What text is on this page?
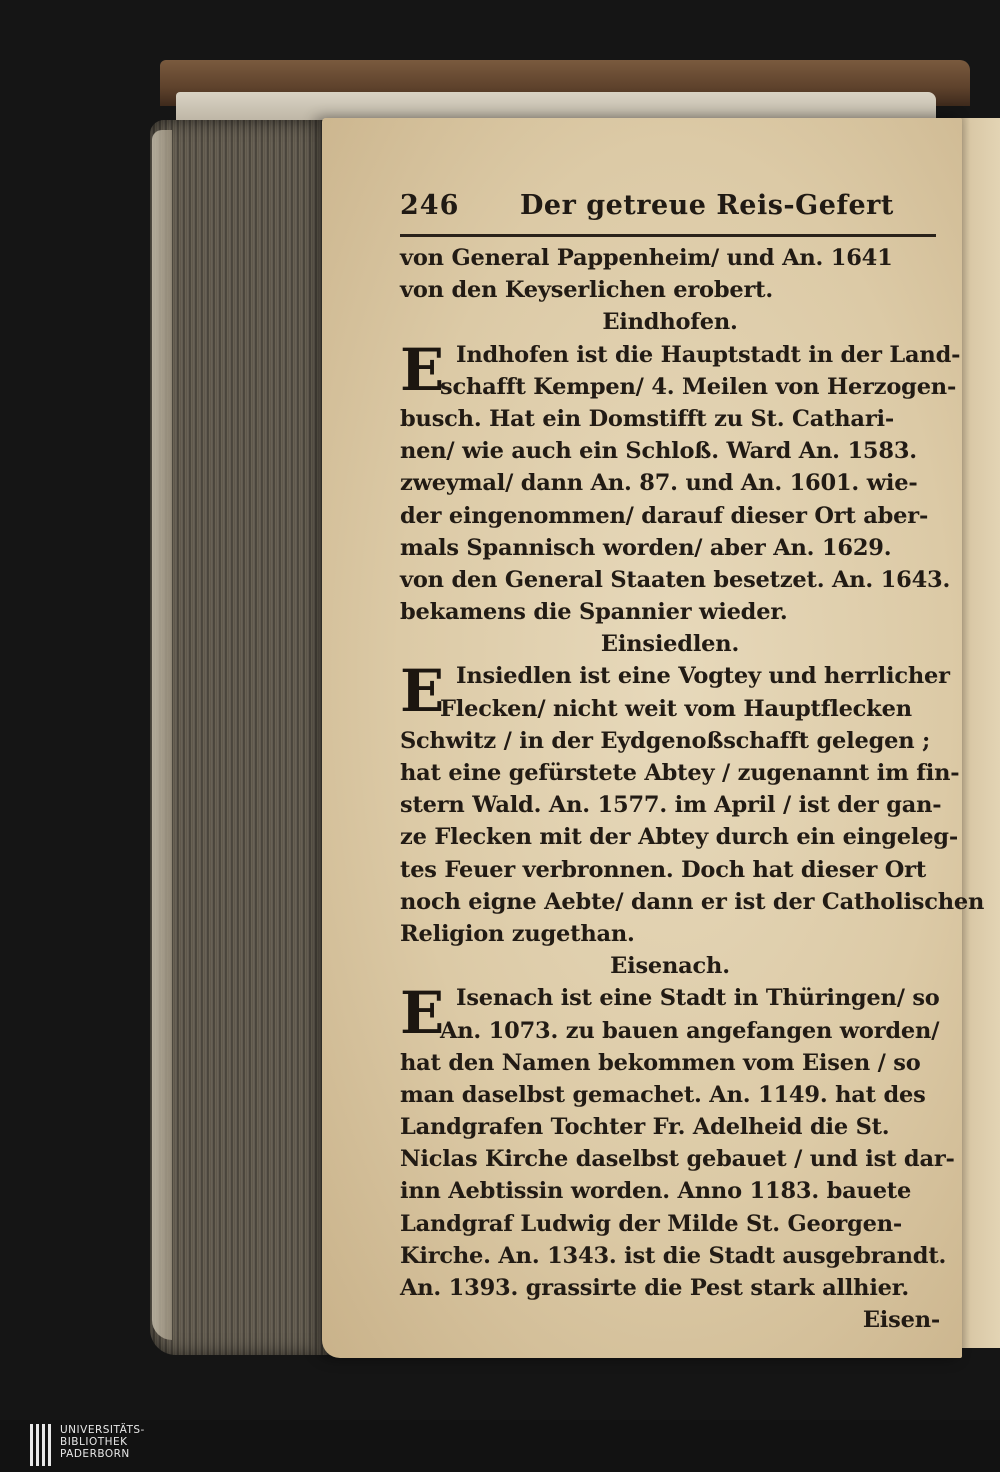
246 Der getreue Reis-Gefert
von General Pappenheim/ und An. 1641
von den Keyserlichen erobert.
Eindhofen.
E Indhofen ist die Hauptstadt in der Land-
schafft Kempen/ 4. Meilen von Herzogen-
busch. Hat ein Domstifft zu St. Cathari-
nen/ wie auch ein Schloß. Ward An. 1583.
zweymal/ dann An. 87. und An. 1601. wie-
der eingenommen/ darauf dieser Ort aber-
mals Spannisch worden/ aber An. 1629.
von den General Staaten besetzet. An. 1643.
bekamens die Spannier wieder.
Einsiedlen.
E Insiedlen ist eine Vogtey und herrlicher
Flecken/ nicht weit vom Hauptflecken
Schwitz / in der Eydgenoßschafft gelegen ;
hat eine gefürstete Abtey / zugenannt im fin-
stern Wald. An. 1577. im April / ist der gan-
ze Flecken mit der Abtey durch ein eingeleg-
tes Feuer verbronnen. Doch hat dieser Ort
noch eigne Aebte/ dann er ist der Catholischen
Religion zugethan.
Eisenach.
E Isenach ist eine Stadt in Thüringen/ so
An. 1073. zu bauen angefangen worden/
hat den Namen bekommen vom Eisen / so
man daselbst gemachet. An. 1149. hat des
Landgrafen Tochter Fr. Adelheid die St.
Niclas Kirche daselbst gebauet / und ist dar-
inn Aebtissin worden. Anno 1183. bauete
Landgraf Ludwig der Milde St. Georgen-
Kirche. An. 1343. ist die Stadt ausgebrandt.
An. 1393. grassirte die Pest stark allhier.
Eisen-
UNIVERSITÄTS-
BIBLIOTHEK
PADERBORN
